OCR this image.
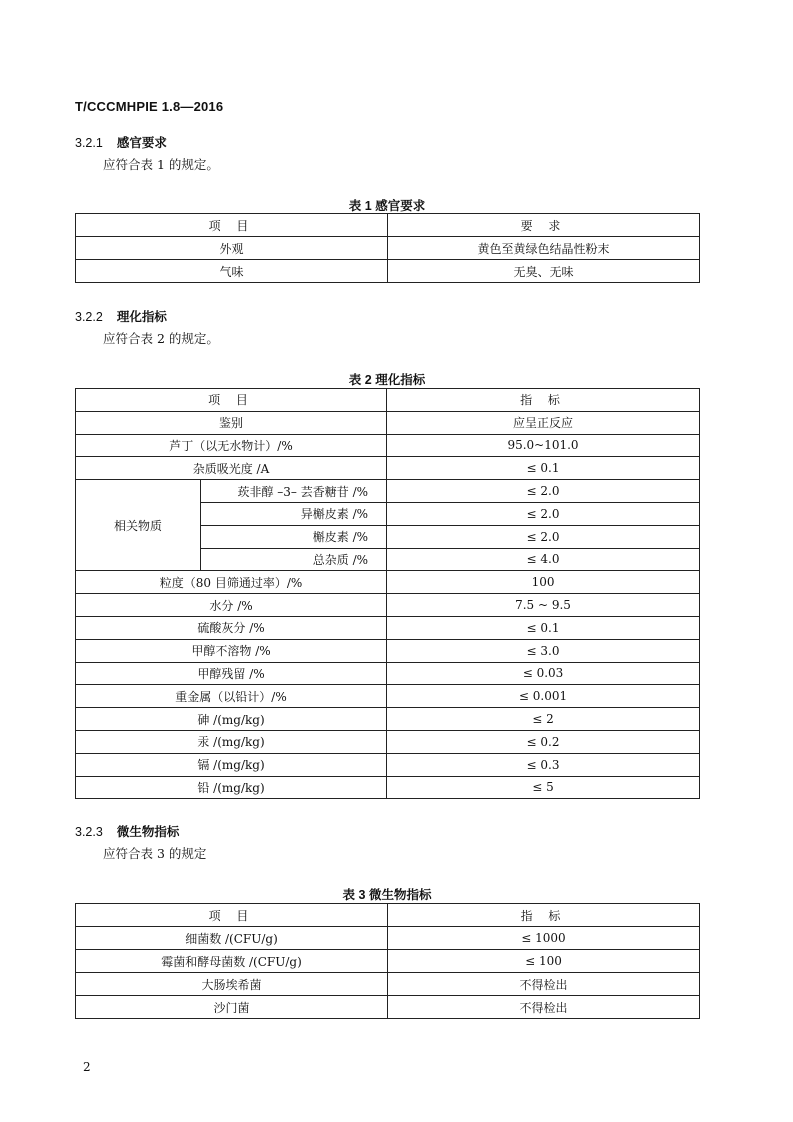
T/CCCMHPIE 1.8—2016
3.2.1 感官要求
应符合表 1 的规定。
表 1 感官要求
项 目	要 求
外观	黄色至黄绿色结晶性粉末
气味	无臭、无味
3.2.2 理化指标
应符合表 2 的规定。
表 2 理化指标
项 目		指 标
鉴别		应呈正反应
芦丁（以无水物计）/%		95.0~101.0
杂质吸光度 /A		≤ 0.1
相关物质	莰非醇 –3– 芸香糖苷 /%	≤ 2.0
	异槲皮素 /%	≤ 2.0
	槲皮素 /%	≤ 2.0
	总杂质 /%	≤ 4.0
粒度（80 目筛通过率）/%		100
水分 /%		7.5 ~ 9.5
硫酸灰分 /%		≤ 0.1
甲醇不溶物 /%		≤ 3.0
甲醇残留 /%		≤ 0.03
重金属（以铅计）/%		≤ 0.001
砷 /(mg/kg)		≤ 2
汞 /(mg/kg)		≤ 0.2
镉 /(mg/kg)		≤ 0.3
铅 /(mg/kg)		≤ 5
3.2.3 微生物指标
应符合表 3 的规定
表 3 微生物指标
项 目	指 标
细菌数 /(CFU/g)	≤ 1000
霉菌和酵母菌数 /(CFU/g)	≤ 100
大肠埃希菌	不得检出
沙门菌	不得检出
2
